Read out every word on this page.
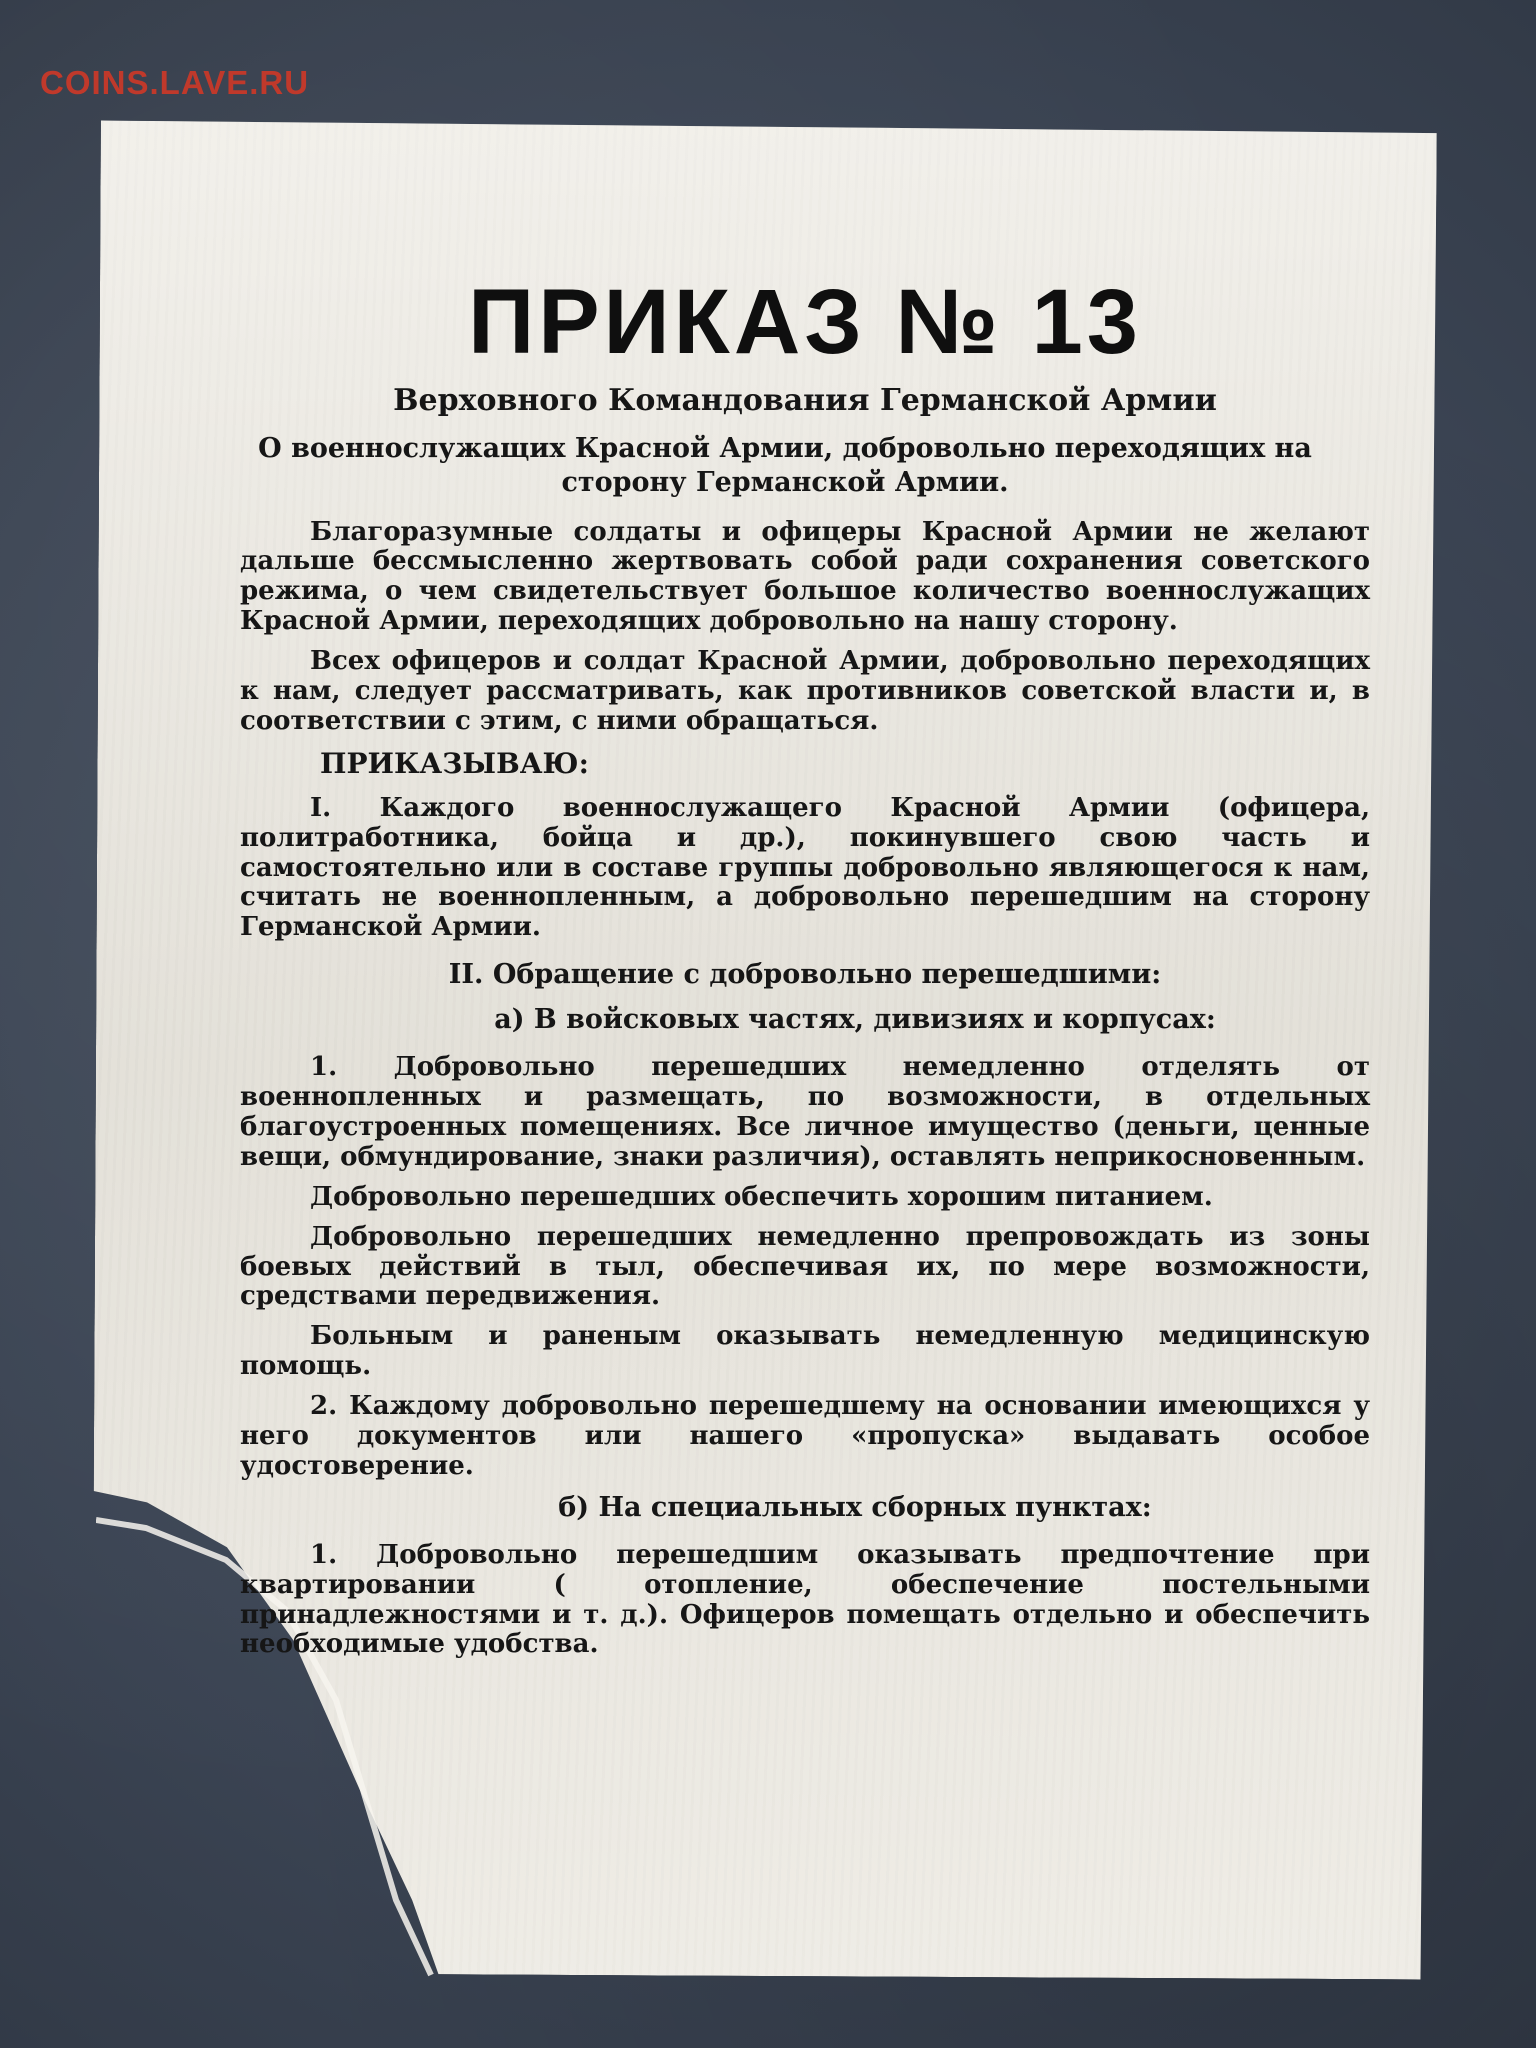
COINS.LAVE.RU
ПРИКАЗ № 13
Верховного Командования Германской Армии
О военнослужащих Красной Армии, добровольно переходящих на сторону Германской Армии.

Благоразумные солдаты и офицеры Красной Армии не желают дальше бессмысленно жертвовать собой ради сохранения советского режима, о чем свидетельствует большое количество военнослужащих Красной Армии, переходящих добровольно на нашу сторону.

Всех офицеров и солдат Красной Армии, добровольно переходящих к нам, следует рассматривать, как противников советской власти и, в соответствии с этим, с ними обращаться.

ПРИКАЗЫВАЮ:

I. Каждого военнослужащего Красной Армии (офицера, политработника, бойца и др.), покинувшего свою часть и самостоятельно или в составе группы добровольно являющегося к нам, считать не военнопленным, а добровольно перешедшим на сторону Германской Армии.

II. Обращение с добровольно перешедшими:
а) В войсковых частях, дивизиях и корпусах:

1. Добровольно перешедших немедленно отделять от военнопленных и размещать, по возможности, в отдельных благоустроенных помещениях. Все личное имущество (деньги, ценные вещи, обмундирование, знаки различия), оставлять неприкосновенным.

Добровольно перешедших обеспечить хорошим питанием.

Добровольно перешедших немедленно препровождать из зоны боевых действий в тыл, обеспечивая их, по мере возможности, средствами передвижения.

Больным и раненым оказывать немедленную медицинскую помощь.

2. Каждому добровольно перешедшему на основании имеющихся у него документов или нашего «пропуска» выдавать особое удостоверение.

б) На специальных сборных пунктах:

1. Добровольно перешедшим оказывать предпочтение при квартировании ( отопление, обеспечение постельными принадлежностями и т. д.). Офицеров помещать отдельно и обеспечить необходимые удобства.
